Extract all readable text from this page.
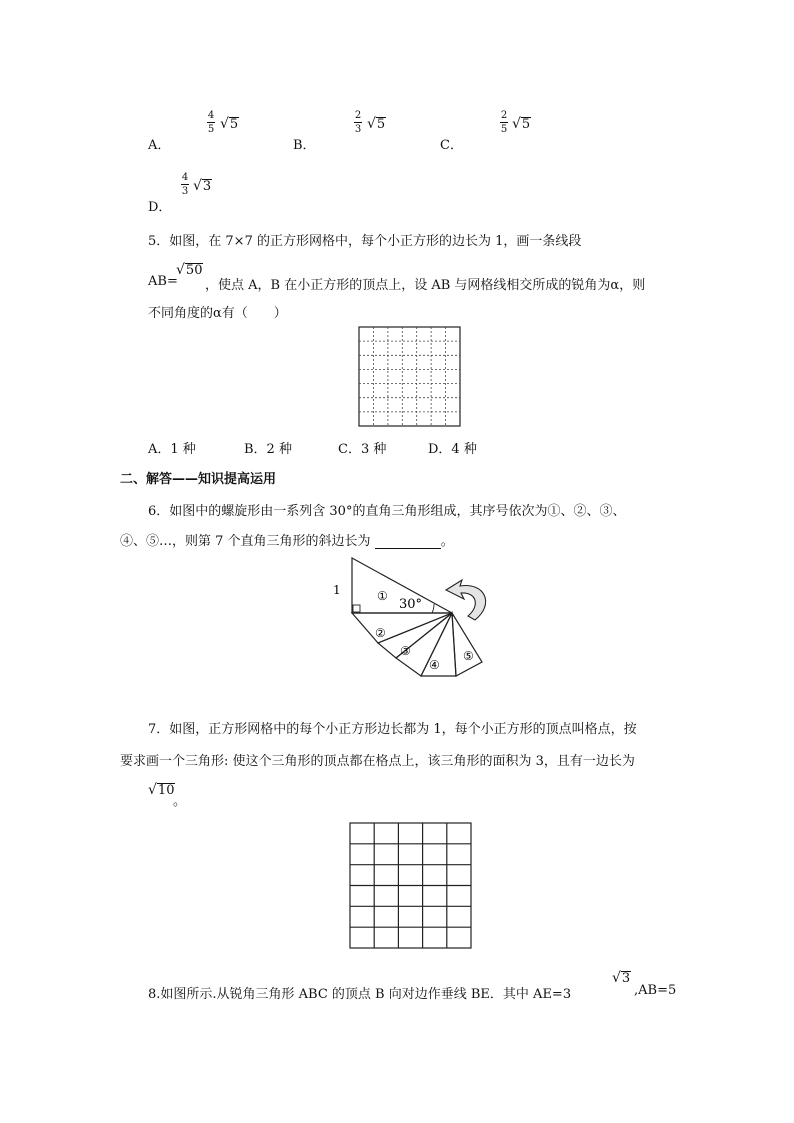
A．
4
5 √5
B．
2
3 √5
C．
2
5 √5
D．
4
3 √3
5．如图，在 7×7 的正方形网格中，每个小正方形的边长为 1，画一条线段
AB=
√50
，使点 A，B 在小正方形的顶点上，设 AB 与网格线相交所成的锐角为α，则
不同角度的α有（　　）
A．1 种	B．2 种	C．3 种	D．4 种
二、解答——知识提高运用
6．如图中的螺旋形由一系列含 30°的直角三角形组成，其序号依次为①、②、③、
④、⑤…，则第 7 个直角三角形的斜边长为	。
1
30°
①
②
③
④
⑤
7．如图，正方形网格中的每个小正方形边长都为 1，每个小正方形的顶点叫格点，按
要求画一个三角形: 使这个三角形的顶点都在格点上，该三角形的面积为 3，且有一边长为
√10
。
8.如图所示.从锐角三角形 ABC 的顶点 B 向对边作垂线 BE．其中 AE=3
√3
,AB=5
